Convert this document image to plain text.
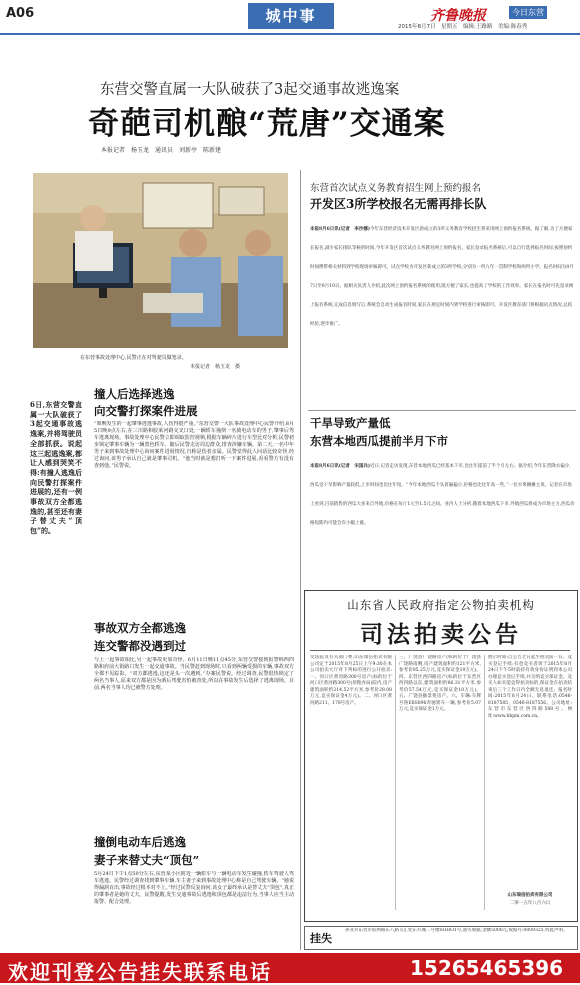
A06	城中事	齐鲁晚报	今日东营
2015年8月7日　星期五　编辑:王路路　美编:陈春秀
东营交警直属一大队破获了3起交通事故逃逸案
奇葩司机酿“荒唐”交通案
本报记者　杨玉龙　通讯员　刘新亭　陈新建
在东营事故处理中心,民警正在对驾驶员做笔录。
本报记者　杨玉龙　摄
6日,东营交警直属一大队破获了3起交通事故逃逸案,并将驾驶员全部抓获。说起这三起逃逸案,都让人感到哭笑不得:有撞人逃逸后向民警打探案件进展的,还有一例事故双方全都逃逸的,甚至还有妻子替丈夫“顶包”的。
撞人后选择逃逸
向交警打探案件进展
“咱晚发生的一起肇事逃逸事故,人伤得挺严重。”东营交警一大队事故处理中心民警介绍,8月5日晚9点左右,在三川路和胶莱河路交叉口处,一辆轿车撞倒一名骑电动车的男子,肇事后驾车逃离现场。事故处理中心民警立即调取监控视频,根据车辆碎片进行车型比对分析,民警初步锁定肇事车辆为一辆黑色轿车。随后民警走访周边群众,排查涉嫌车辆。第二天,一名中年男子来到事故处理中心询问案件进展情况,自称是伤者亲属。民警觉得此人问话比较奇怪,经过询问,该男子承认自己就是肇事司机。“他当时就是想打听一下案件进展,看看警方有没有查到他。”民警说。
事故双方全都逃逸
连交警都没遇到过
与上一起事故相比,另一起事故更加奇怪。6月11日晚11点45分,东营交警接到报警称西四路和府前大街路口发生一起交通事故。当民警赶到现场时,只看到两辆受损的车辆,事故双方全都不见踪影。“双方都逃逸,这还是头一次遇到。”办案民警说。经过调查,民警很快锁定了两名当事人,原来双方都是因为酒后驾驶害怕被查处,所以在事故发生后选择了逃离现场。目前,两名当事人均已被警方处理。
撞倒电动车后逃逸
妻子来替丈夫“顶包”
5月24日下午1点50分左右,东营某小区附近一辆轿车与一辆电动车发生碰撞,轿车驾驶人驾车逃逸。民警经过调查找到肇事车辆,车主妻子来到事故处理中心称是自己驾驶车辆。“她说得漏洞百出,事故经过根本对不上。”经过民警反复询问,该女子最终承认是替丈夫“顶包”,真正的肇事者是她的丈夫。民警提醒,发生交通事故后逃逸和顶包都是违法行为,当事人应当主动报警、配合处理。
东营首次试点义务教育招生网上预约报名
开发区3所学校报名无需再排长队
本报8月6日讯(记者　李沙娜)今年东营经济技术开发区新成立的3所义务教育学校招生将采用网上预约报名系统。据了解,为了方便家长报名,减少家长排队等候的时间,今年开发区首次试点义务教育网上预约报名。家长登录报名系统后,可以自行选择报名时间,按照预约时间携带相关材料到学校现场审核即可。试点学校为开发区新成立的3所学校,分别为一所九年一贯制学校和两所小学。报名时间为8月7日至8月10日。据相关负责人介绍,此次网上预约报名系统的使用,既方便了家长,也提高了学校的工作效率。家长在报名时可先登录网上报名系统,完成信息填写后,系统会自动生成报名时间,家长在规定时间内到学校进行审核即可。开发区教育部门将根据试点情况,总结经验,逐步推广。
干旱导致产量低
东营本地西瓜提前半月下市
本报8月6日讯(记者　宋国兵)近日,记者走访发现,东营本地西瓜已经基本下市,比往年提前了半个月左右。据介绍,今年东营降水偏少,西瓜受干旱影响产量较低,上市时间也比往年短。“今年本地西瓜个头普遍偏小,价格也比往年高一些。”一位水果摊摊主说。记者在市场上看到,目前销售的西瓜大多来自外地,价格在每斤1元至1.5元之间。业内人士分析,随着本地西瓜下市,外地西瓜将成为市场主力,西瓜价格短期内可能会有小幅上涨。
山东省人民政府指定公物拍卖机构
司法拍卖公告
受法院及有关部门委,山东瑞信拍卖有限公司定于2015年8月25日上午9:30在本公司拍卖大厅对下列标的进行公开拍卖:一、河口区黄河路300号房产(标的位于河口区黄河路300号(原粮食局)院内,房产建筑面积约214.52平方米,参考价28.08万元,竞买保证金4万元)。二、河口区黄河路211、178号房产。
三、广饶县广饶路房产(标的位于广饶县广饶路南侧,房产建筑面积约121平方米,参考价85.25万元,竞买保证金10万元)。四、东营区西四路房产(标的位于东营区西四路以东,建筑面积约86.31平方米,参考价57.54万元,竞买保证金10万元)。五、广饶县颐景苑房产。六、车辆:车牌号鲁E8S896奔驰轿车一辆,参考价5.07万元,竞买保证金1万元。
展示时间:自公告之日起至拍卖前一日。竞买登记手续:有意竞买者请于2015年8月24日下午5时前持有效身份证明到本公司办理竞买登记手续,并交纳竞买保证金。竞买人如未能竞得拍卖标的,保证金在拍卖结束后三个工作日内全额无息退还。报名时间:2015年8月24日。联系电话:0546-8187585、0546-8187556。公司地址:东营市东营区西四路588号。网址:www.hbpm.com.cn。
山东瑞信拍卖有限公司
二零一五年八月六日
挂失
孙亚兵东营市胶州路东八路交汇处东方城二号楼SOHO1号,遗失收据,金额5000元,收据号:0009325,特此声明。
欢迎刊登公告挂失联系电话	15265465396
